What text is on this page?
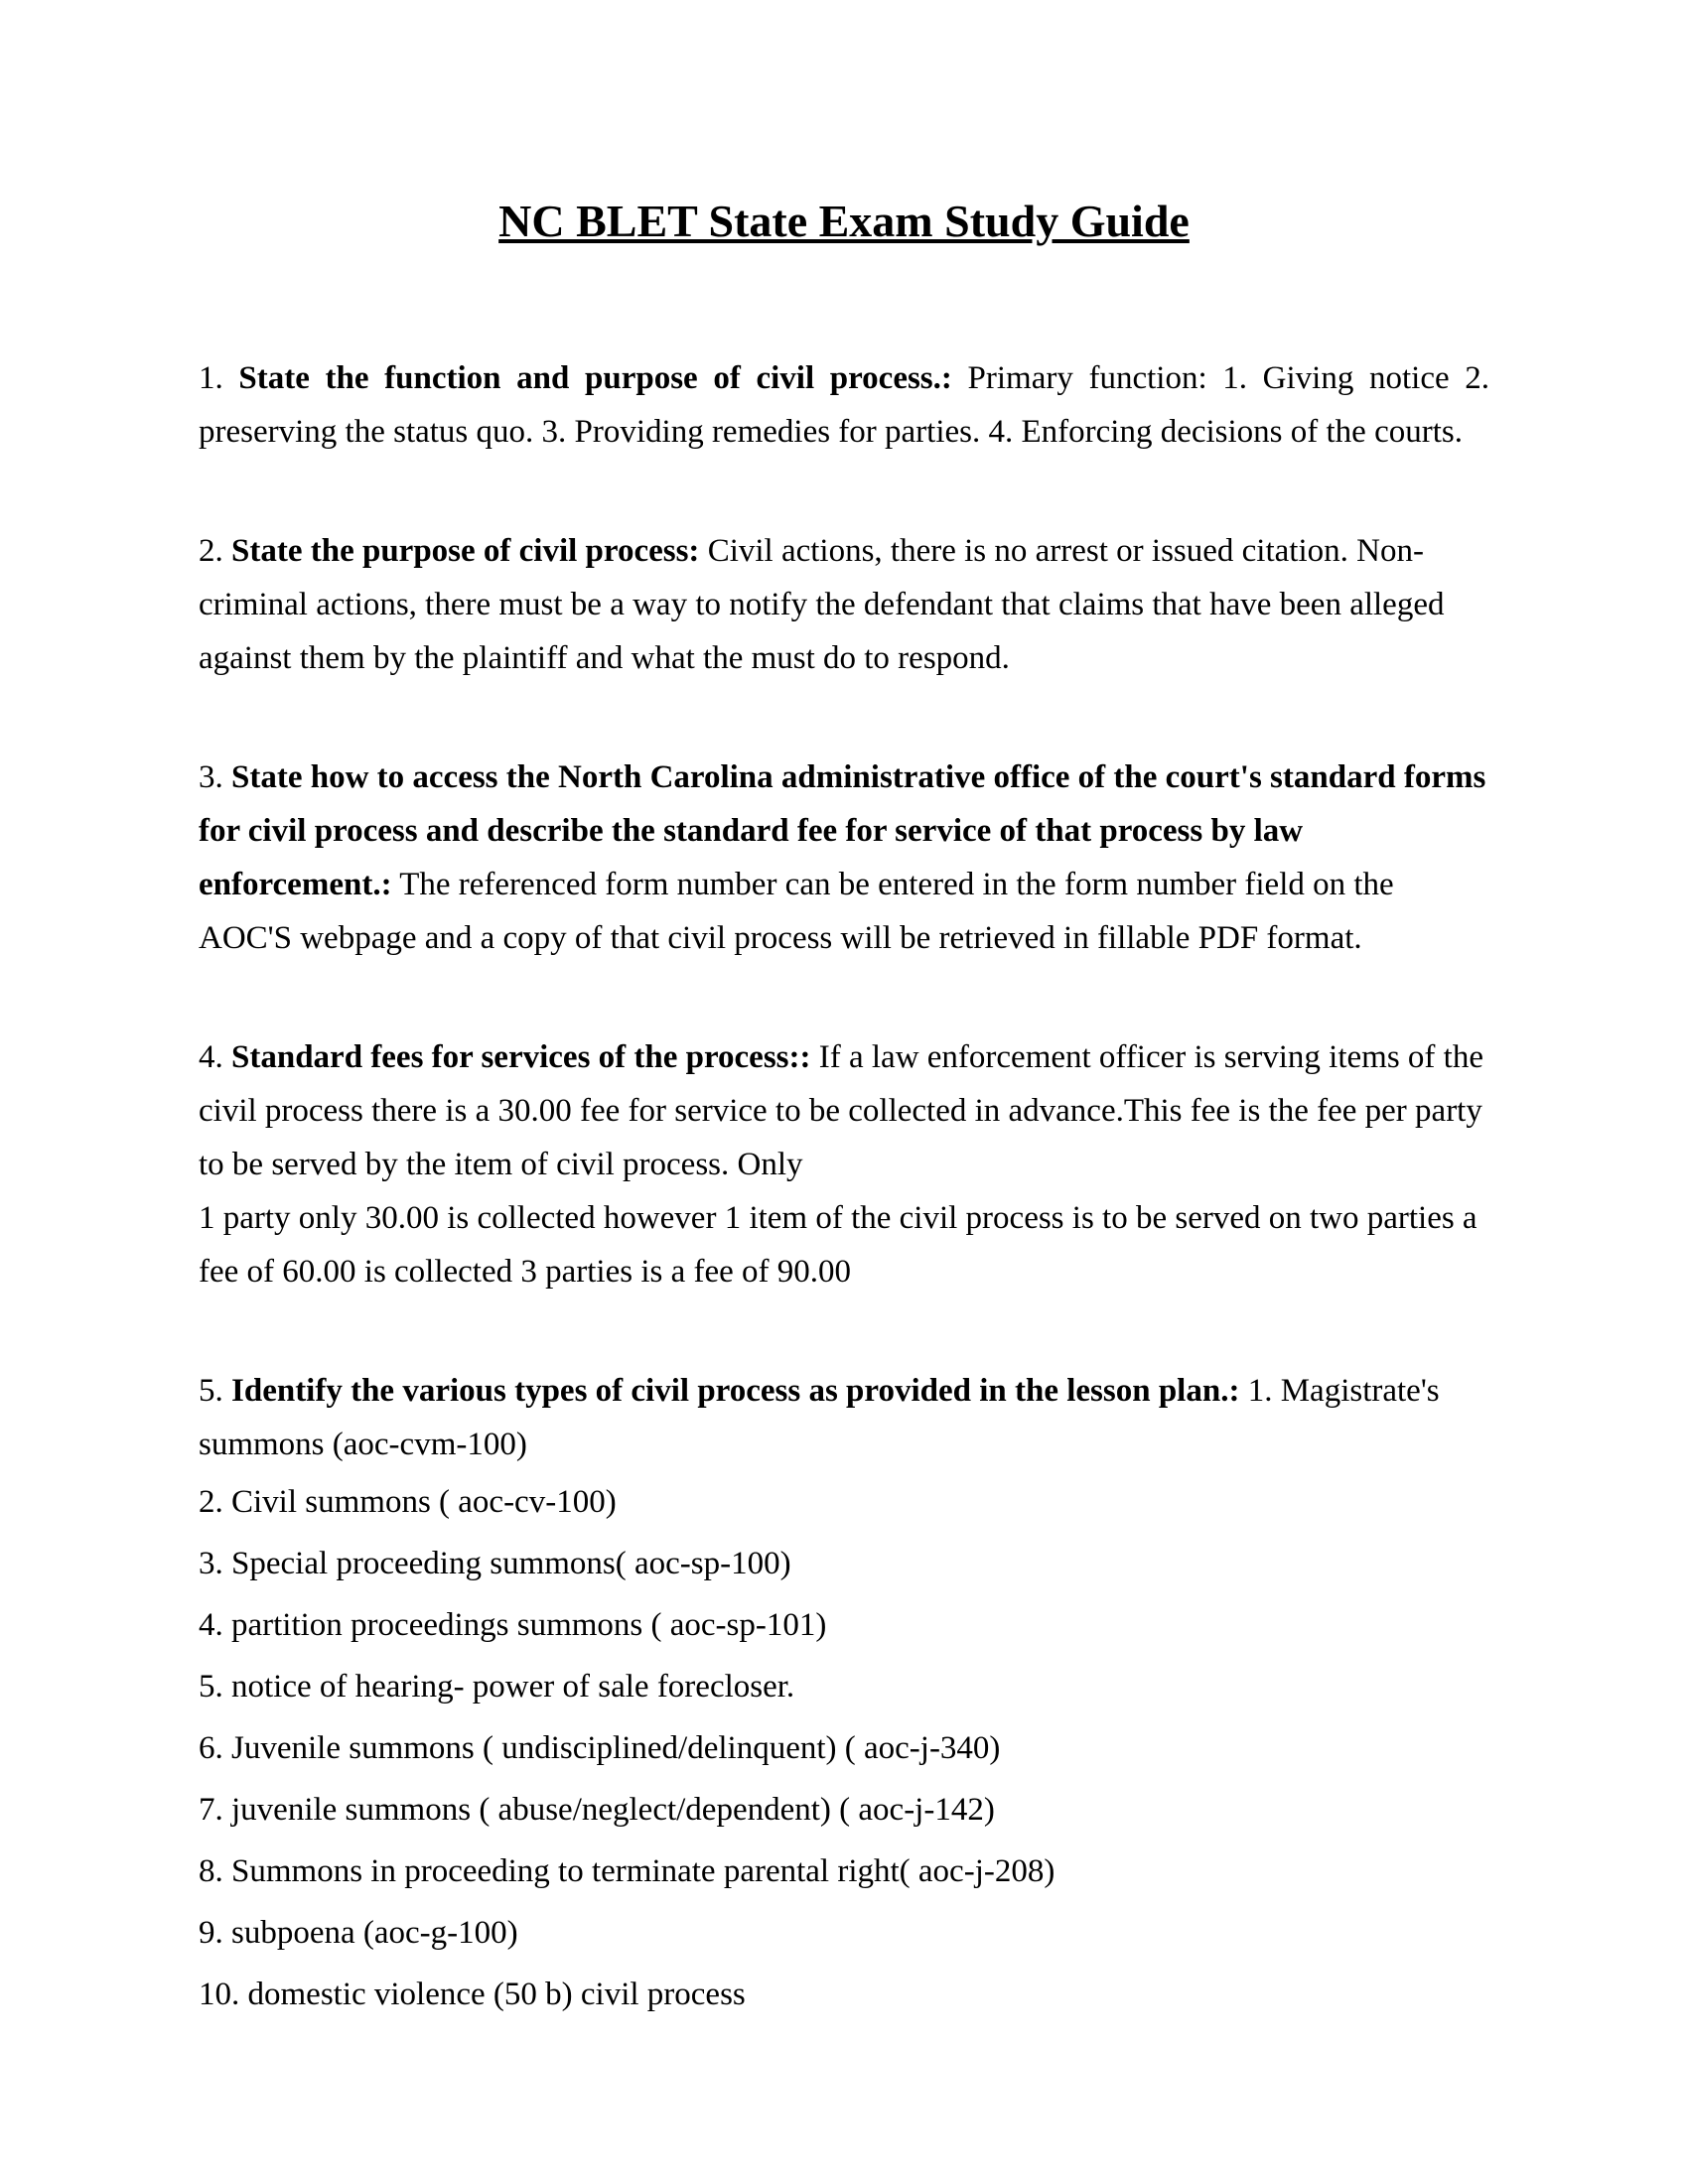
NC BLET State Exam Study Guide

1. State the function and purpose of civil process.: Primary function: 1. Giving notice 2. preserving the status quo. 3. Providing remedies for parties. 4. Enforcing decisions of the courts.

2. State the purpose of civil process: Civil actions, there is no arrest or issued citation. Non-criminal actions, there must be a way to notify the defendant that claims that have been alleged against them by the plaintiff and what the must do to respond.

3. State how to access the North Carolina administrative office of the court's standard forms for civil process and describe the standard fee for service of that process by law enforcement.: The referenced form number can be entered in the form number field on the AOC'S webpage and a copy of that civil process will be retrieved in fillable PDF format.

4. Standard fees for services of the process:: If a law enforcement officer is serving items of the civil process there is a 30.00 fee for service to be collected in advance.This fee is the fee per party to be served by the item of civil process. Only

1 party only 30.00 is collected however 1 item of the civil process is to be served on two parties a fee of 60.00 is collected 3 parties is a fee of 90.00

5. Identify the various types of civil process as provided in the lesson plan.: 1. Magistrate's summons (aoc-cvm-100)

2. Civil summons ( aoc-cv-100)
3. Special proceeding summons( aoc-sp-100)
4. partition proceedings summons ( aoc-sp-101)
5. notice of hearing- power of sale forecloser.
6. Juvenile summons ( undisciplined/delinquent) ( aoc-j-340)
7. juvenile summons ( abuse/neglect/dependent) ( aoc-j-142)
8. Summons in proceeding to terminate parental right( aoc-j-208)
9. subpoena (aoc-g-100)
10. domestic violence (50 b) civil process
